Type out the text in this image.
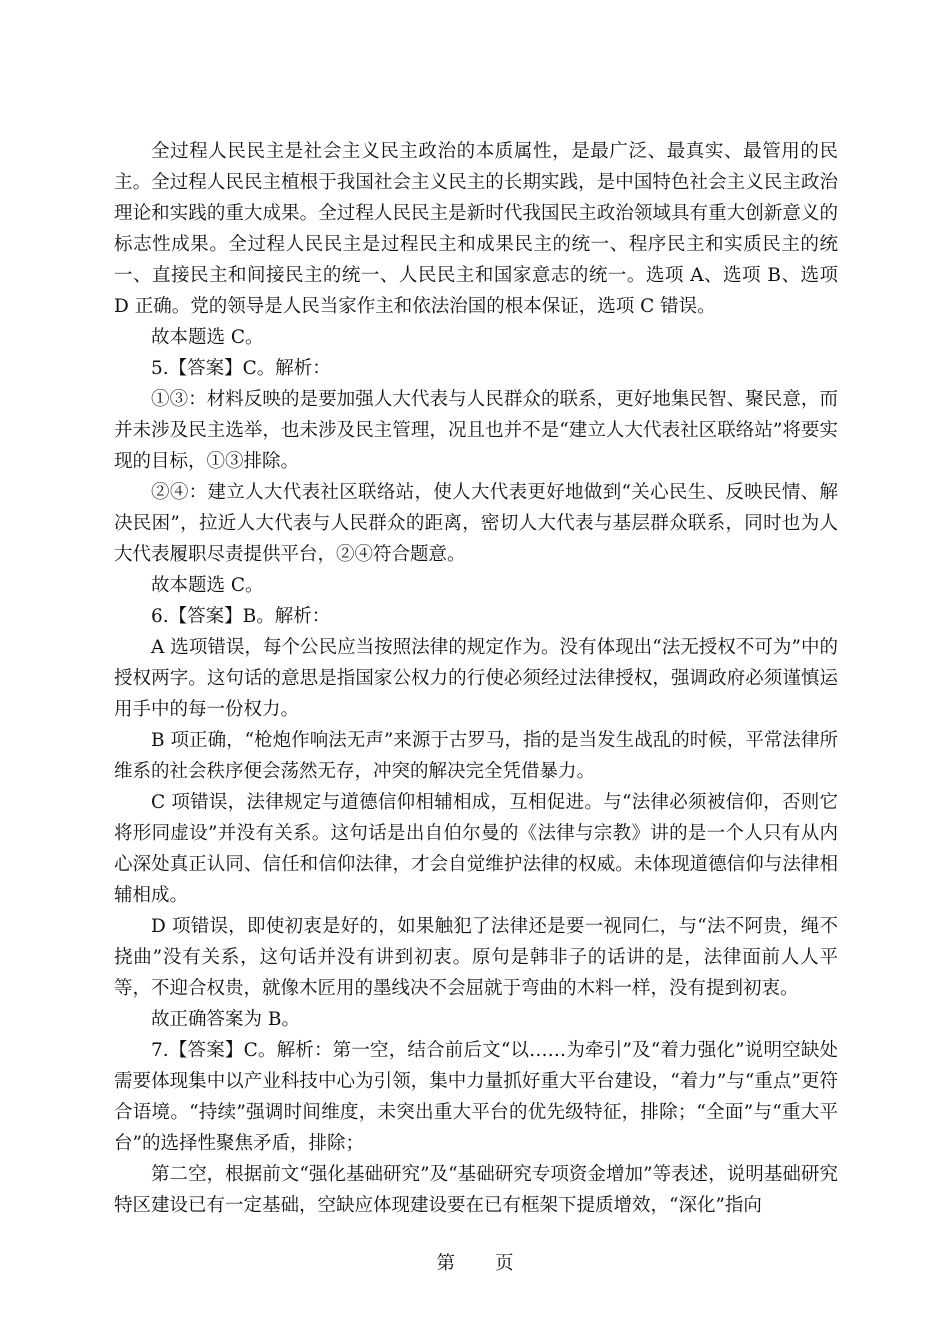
全过程人民民主是社会主义民主政治的本质属性，是最广泛、最真实、最管用的民主。全过程人民民主植根于我国社会主义民主的长期实践，是中国特色社会主义民主政治理论和实践的重大成果。全过程人民民主是新时代我国民主政治领域具有重大创新意义的标志性成果。全过程人民民主是过程民主和成果民主的统一、程序民主和实质民主的统一、直接民主和间接民主的统一、人民民主和国家意志的统一。选项 A、选项 B、选项 D 正确。党的领导是人民当家作主和依法治国的根本保证，选项 C 错误。

故本题选 C。

5.【答案】C。解析：

①③：材料反映的是要加强人大代表与人民群众的联系，更好地集民智、聚民意，而并未涉及民主选举，也未涉及民主管理，况且也并不是“建立人大代表社区联络站”将要实现的目标，①③排除。

②④：建立人大代表社区联络站，使人大代表更好地做到“关心民生、反映民情、解决民困”，拉近人大代表与人民群众的距离，密切人大代表与基层群众联系，同时也为人大代表履职尽责提供平台，②④符合题意。

故本题选 C。

6.【答案】B。解析：

A 选项错误，每个公民应当按照法律的规定作为。没有体现出“法无授权不可为”中的授权两字。这句话的意思是指国家公权力的行使必须经过法律授权，强调政府必须谨慎运用手中的每一份权力。

B 项正确，“枪炮作响法无声”来源于古罗马，指的是当发生战乱的时候，平常法律所维系的社会秩序便会荡然无存，冲突的解决完全凭借暴力。

C 项错误，法律规定与道德信仰相辅相成，互相促进。与“法律必须被信仰，否则它将形同虚设”并没有关系。这句话是出自伯尔曼的《法律与宗教》讲的是一个人只有从内心深处真正认同、信任和信仰法律，才会自觉维护法律的权威。未体现道德信仰与法律相辅相成。

D 项错误，即使初衷是好的，如果触犯了法律还是要一视同仁，与“法不阿贵，绳不挠曲”没有关系，这句话并没有讲到初衷。原句是韩非子的话讲的是，法律面前人人平等，不迎合权贵，就像木匠用的墨线决不会屈就于弯曲的木料一样，没有提到初衷。

故正确答案为 B。

7.【答案】C。解析：第一空，结合前后文“以……为牵引”及“着力强化”说明空缺处需要体现集中以产业科技中心为引领，集中力量抓好重大平台建设，“着力”与“重点”更符合语境。“持续”强调时间维度，未突出重大平台的优先级特征，排除；“全面”与“重大平台”的选择性聚焦矛盾，排除；

第二空，根据前文“强化基础研究”及“基础研究专项资金增加”等表述，说明基础研究特区建设已有一定基础，空缺应体现建设要在已有框架下提质增效，“深化”指向

第 页
